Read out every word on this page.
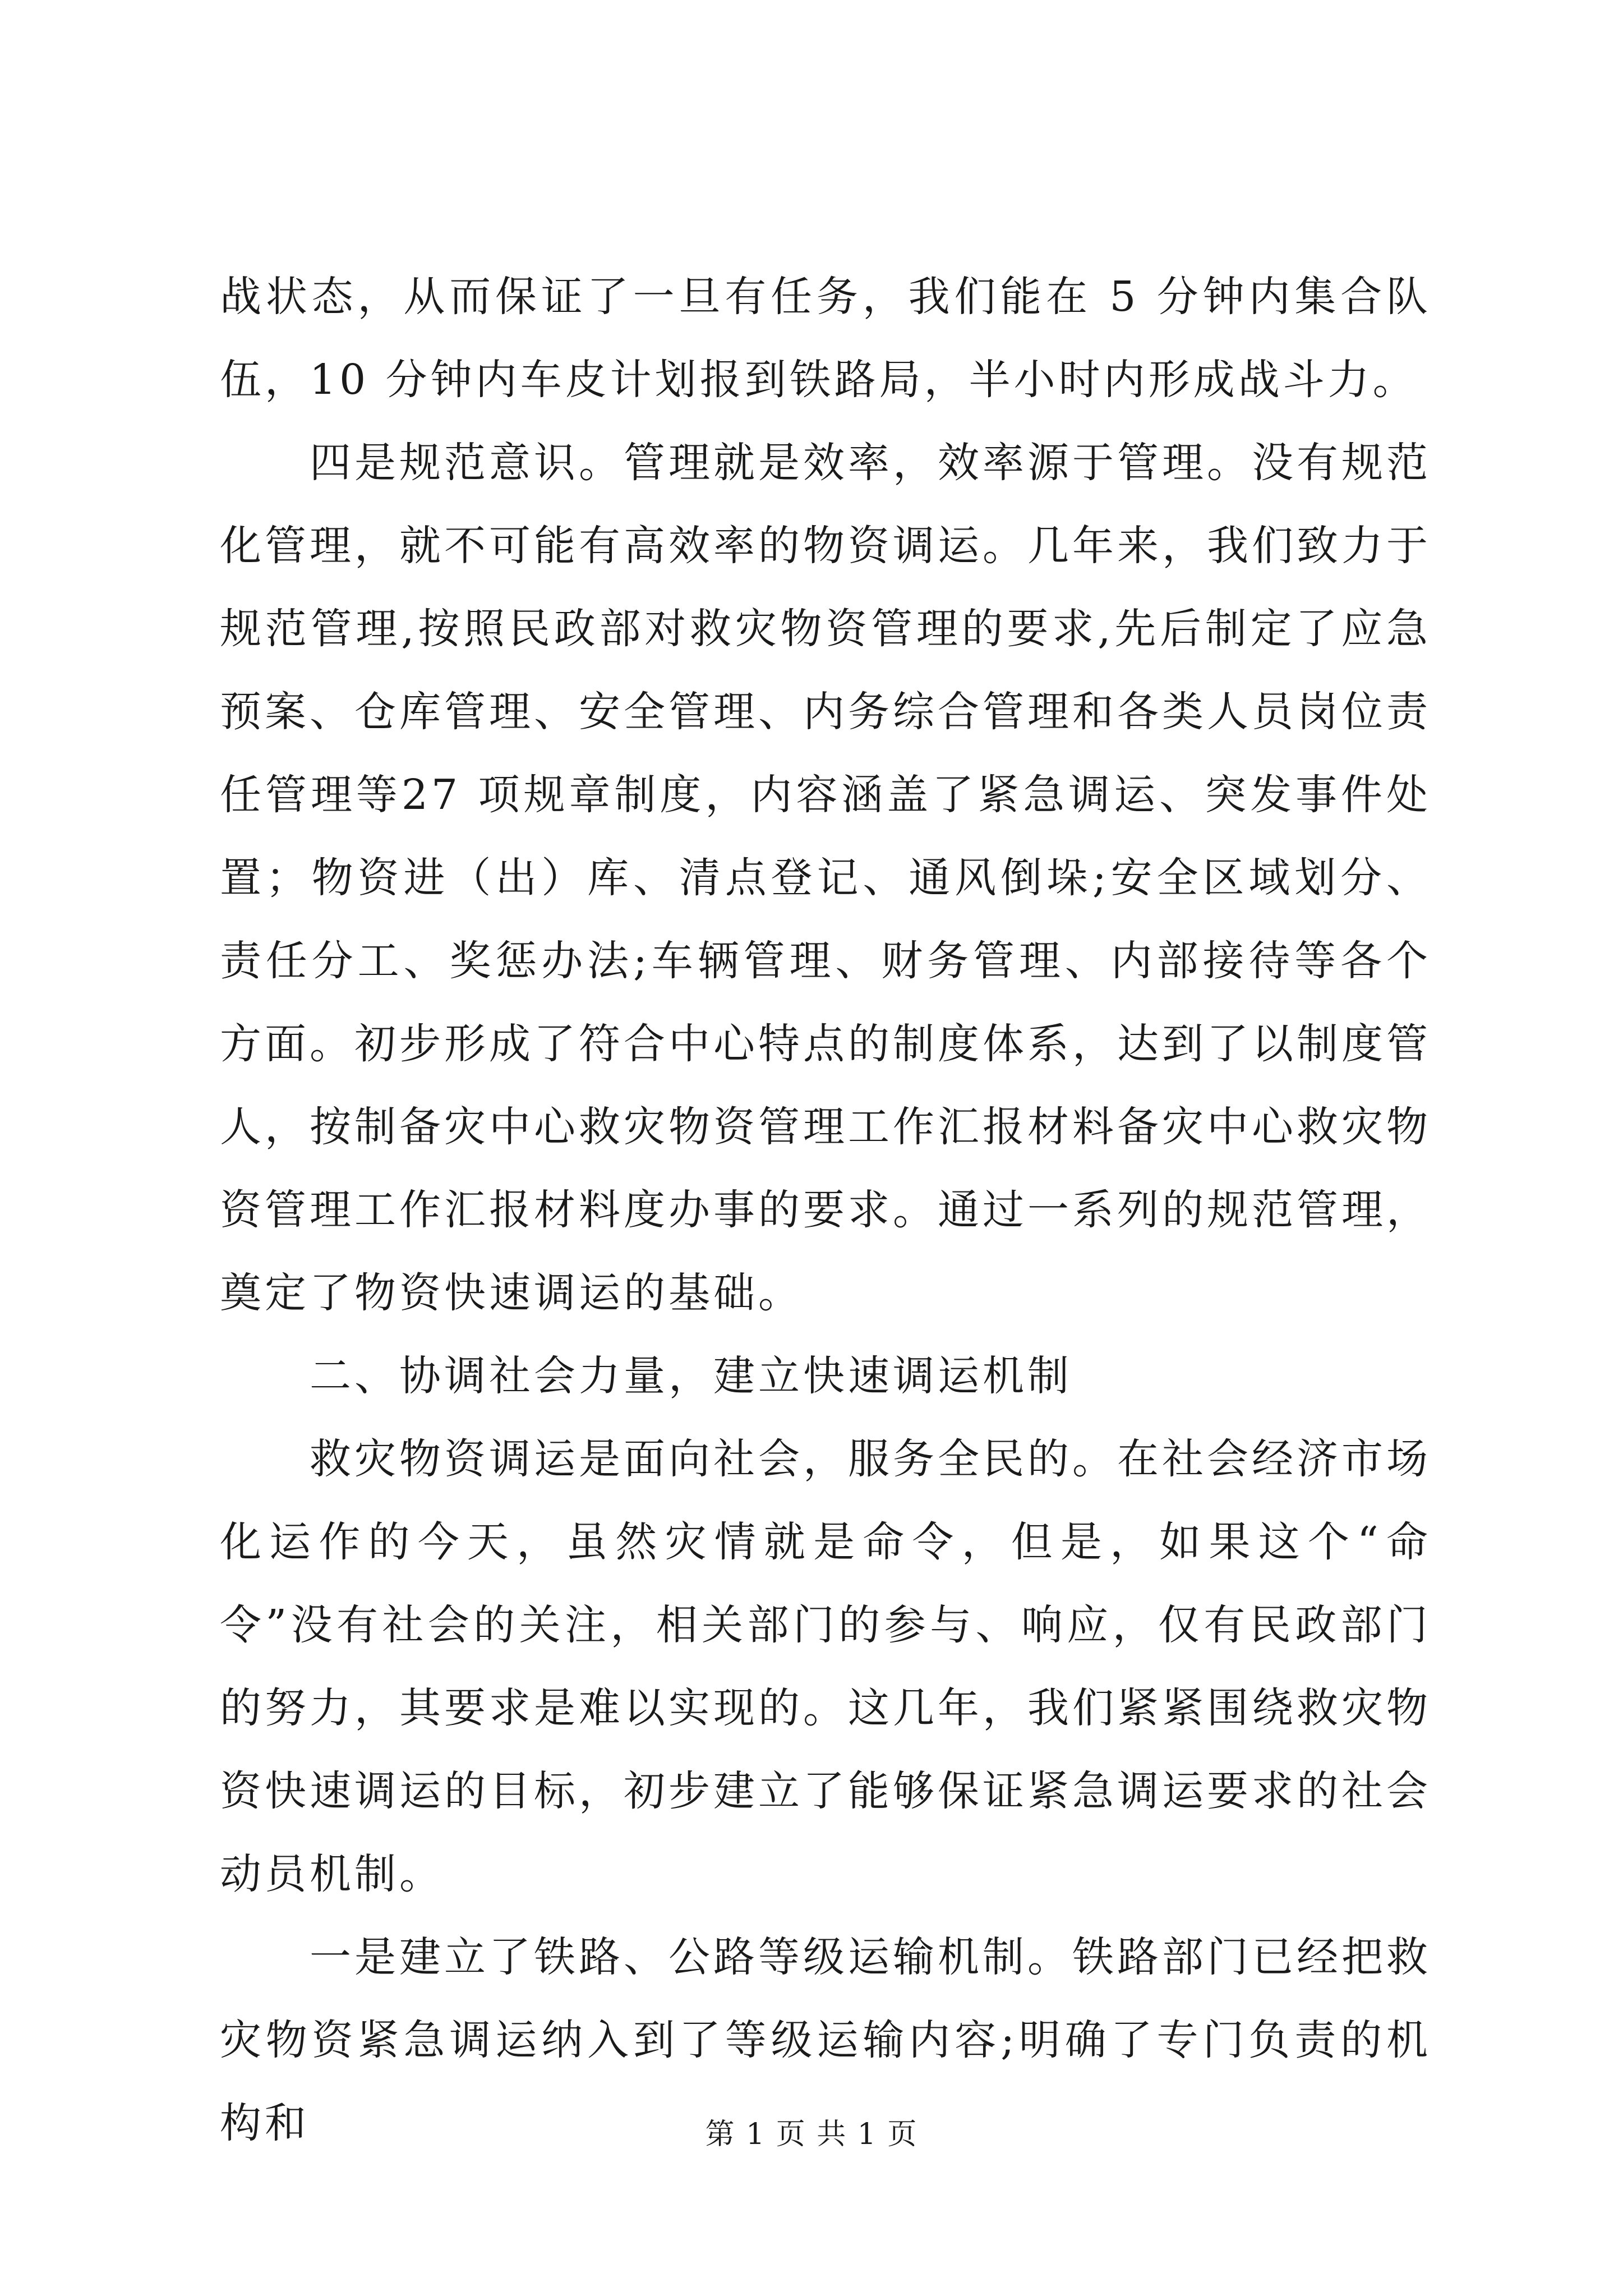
战状态，从而保证了一旦有任务，我们能在 5 分钟内集合队伍，10 分钟内车皮计划报到铁路局，半小时内形成战斗力。

四是规范意识。管理就是效率，效率源于管理。没有规范化管理，就不可能有高效率的物资调运。几年来，我们致力于规范管理,按照民政部对救灾物资管理的要求,先后制定了应急预案、仓库管理、安全管理、内务综合管理和各类人员岗位责任管理等27 项规章制度，内容涵盖了紧急调运、突发事件处置；物资进（出）库、清点登记、通风倒垛;安全区域划分、责任分工、奖惩办法;车辆管理、财务管理、内部接待等各个方面。初步形成了符合中心特点的制度体系，达到了以制度管人，按制备灾中心救灾物资管理工作汇报材料备灾中心救灾物资管理工作汇报材料度办事的要求。通过一系列的规范管理，奠定了物资快速调运的基础。

二、协调社会力量，建立快速调运机制

救灾物资调运是面向社会，服务全民的。在社会经济市场化运作的今天，虽然灾情就是命令，但是，如果这个“命令”没有社会的关注，相关部门的参与、响应，仅有民政部门的努力，其要求是难以实现的。这几年，我们紧紧围绕救灾物资快速调运的目标，初步建立了能够保证紧急调运要求的社会动员机制。

一是建立了铁路、公路等级运输机制。铁路部门已经把救灾物资紧急调运纳入到了等级运输内容;明确了专门负责的机构和	第 1 页 共 1 页
